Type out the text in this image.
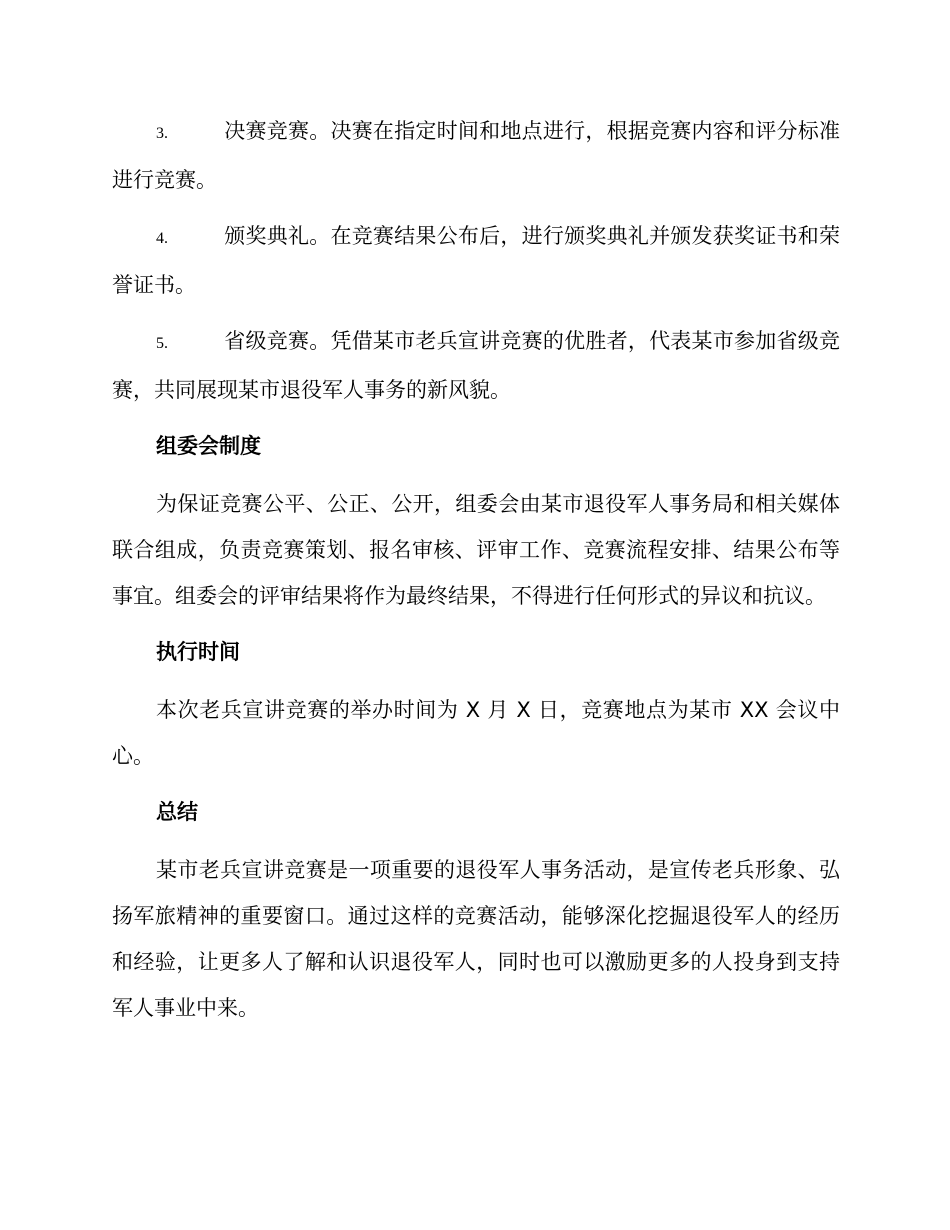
3.	决赛竞赛。决赛在指定时间和地点进行，根据竞赛内容和评分标准进行竞赛。

4.	颁奖典礼。在竞赛结果公布后，进行颁奖典礼并颁发获奖证书和荣誉证书。

5.	省级竞赛。凭借某市老兵宣讲竞赛的优胜者，代表某市参加省级竞赛，共同展现某市退役军人事务的新风貌。

组委会制度

为保证竞赛公平、公正、公开，组委会由某市退役军人事务局和相关媒体联合组成，负责竞赛策划、报名审核、评审工作、竞赛流程安排、结果公布等事宜。组委会的评审结果将作为最终结果，不得进行任何形式的异议和抗议。

执行时间

本次老兵宣讲竞赛的举办时间为 X 月 X 日，竞赛地点为某市 XX 会议中心。

总结

某市老兵宣讲竞赛是一项重要的退役军人事务活动，是宣传老兵形象、弘扬军旅精神的重要窗口。通过这样的竞赛活动，能够深化挖掘退役军人的经历和经验，让更多人了解和认识退役军人，同时也可以激励更多的人投身到支持军人事业中来。
